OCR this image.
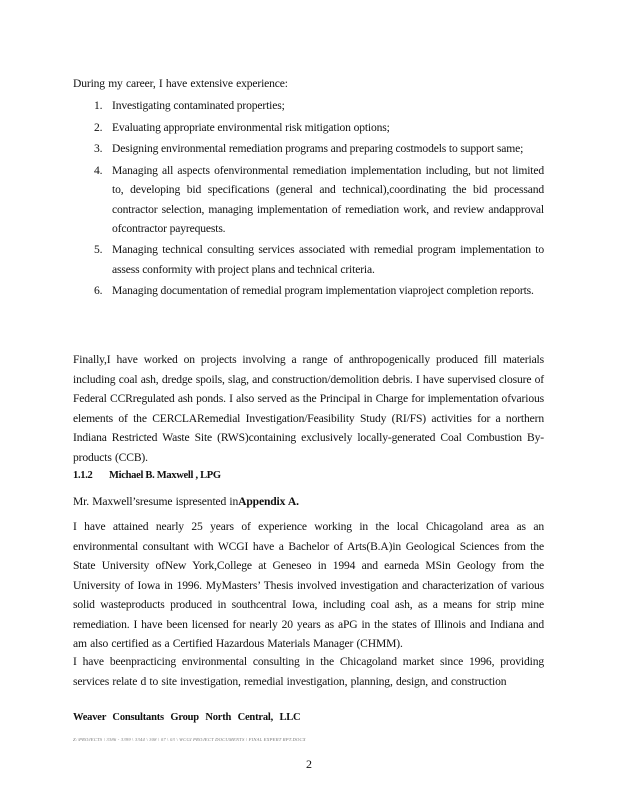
During my career, I have extensive experience:
1. Investigating contaminated properties;
2. Evaluating appropriate environmental risk mitigation options;
3. Designing environmental remediation programs and preparing costmodels to support same;
4. Managing all aspects ofenvironmental remediation implementation including, but not limited to, developing bid specifications (general and technical),coordinating the bid processand contractor selection, managing implementation of remediation work, and review andapproval ofcontractor payrequests.
5. Managing technical consulting services associated with remedial program implementation to assess conformity with project plans and technical criteria.
6. Managing documentation of remedial program implementation viaproject completion reports.
Finally,I have worked on projects involving a range of anthropogenically produced fill materials including coal ash, dredge spoils, slag, and construction/demolition debris. I have supervised closure of Federal CCRregulated ash ponds. I also served as the Principal in Charge for implementation ofvarious elements of the CERCLARemedial Investigation/Feasibility Study (RI/FS) activities for a northern Indiana Restricted Waste Site (RWS)containing exclusively locally-generated Coal Combustion By-products (CCB).
1.1.2 Michael B. Maxwell , LPG
Mr. Maxwell’sresume ispresented inAppendix A.
I have attained nearly 25 years of experience working in the local Chicagoland area as an environmental consultant with WCGI have a Bachelor of Arts(B.A)in Geological Sciences from the State University ofNew York,College at Geneseo in 1994 and earneda MSin Geology from the University of Iowa in 1996. MyMasters’ Thesis involved investigation and characterization of various solid wasteproducts produced in southcentral Iowa, including coal ash, as a means for strip mine remediation. I have been licensed for nearly 20 years as aPG in the states of Illinois and Indiana and am also certified as a Certified Hazardous Materials Manager (CHMM).
I have beenpracticing environmental consulting in the Chicagoland market since 1996, providing services relate d to site investigation, remedial investigation, planning, design, and construction
Weaver Consultants Group North Central, LLC
Z:\PROJECTS \ 3386 - 3399 \ 3344 \ 308 \ 07 \ 03 \ WCGI PROJECT DOCUMENTS \ FINAL EXPERT RPT.DOCX
2
